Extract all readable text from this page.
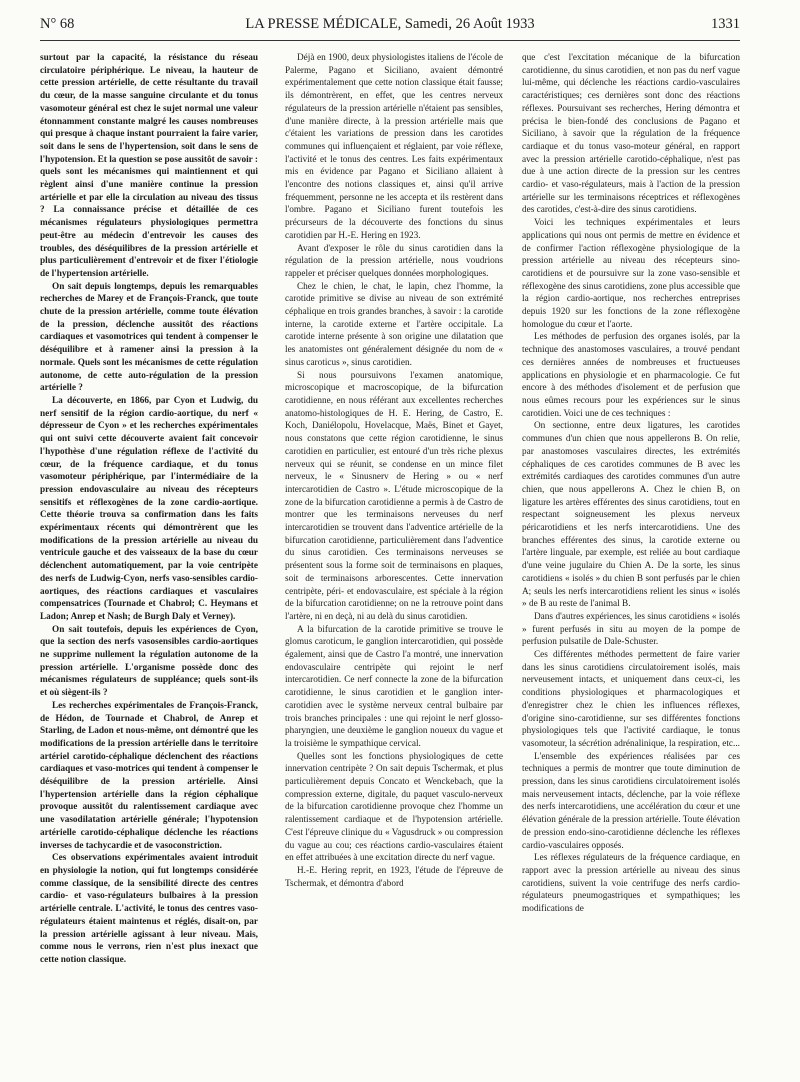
N° 68	LA PRESSE MÉDICALE, Samedi, 26 Août 1933	1331

surtout par la capacité, la résistance du réseau circulatoire périphérique. Le niveau, la hauteur de cette pression artérielle, de cette résultante du travail du cœur, de la masse sanguine circulante et du tonus vasomoteur général est chez le sujet normal une valeur étonnamment constante malgré les causes nombreuses qui presque à chaque instant pourraient la faire varier, soit dans le sens de l'hypertension, soit dans le sens de l'hypotension. Et la question se pose aussitôt de savoir : quels sont les mécanismes qui maintiennent et qui règlent ainsi d'une manière continue la pression artérielle et par elle la circulation au niveau des tissus ? La connaissance précise et détaillée de ces mécanismes régulateurs physiologiques permettra peut-être au médecin d'entrevoir les causes des troubles, des déséquilibres de la pression artérielle et plus particulièrement d'entrevoir et de fixer l'étiologie de l'hypertension artérielle.

On sait depuis longtemps, depuis les remarquables recherches de Marey et de François-Franck, que toute chute de la pression artérielle, comme toute élévation de la pression, déclenche aussitôt des réactions cardiaques et vasomotrices qui tendent à compenser le déséquilibre et à ramener ainsi la pression à la normale. Quels sont les mécanismes de cette régulation autonome, de cette auto-régulation de la pression artérielle ?

La découverte, en 1866, par Cyon et Ludwig, du nerf sensitif de la région cardio-aortique, du nerf « dépresseur de Cyon » et les recherches expérimentales qui ont suivi cette découverte avaient fait concevoir l'hypothèse d'une régulation réflexe de l'activité du cœur, de la fréquence cardiaque, et du tonus vasomoteur périphérique, par l'intermédiaire de la pression endovasculaire au niveau des récepteurs sensitifs et réflexogènes de la zone cardio-aortique. Cette théorie trouva sa confirmation dans les faits expérimentaux récents qui démontrèrent que les modifications de la pression artérielle au niveau du ventricule gauche et des vaisseaux de la base du cœur déclenchent automatiquement, par la voie centripète des nerfs de Ludwig-Cyon, nerfs vaso-sensibles cardio-aortiques, des réactions cardiaques et vasculaires compensatrices (Tournade et Chabrol; C. Heymans et Ladon; Anrep et Nash; de Burgh Daly et Verney).

On sait toutefois, depuis les expériences de Cyon, que la section des nerfs vasosensibles cardio-aortiques ne supprime nullement la régulation autonome de la pression artérielle. L'organisme possède donc des mécanismes régulateurs de suppléance; quels sont-ils et où siègent-ils ?

Les recherches expérimentales de François-Franck, de Hédon, de Tournade et Chabrol, de Anrep et Starling, de Ladon et nous-même, ont démontré que les modifications de la pression artérielle dans le territoire artériel carotido-céphalique déclenchent des réactions cardiaques et vaso-motrices qui tendent à compenser le déséquilibre de la pression artérielle. Ainsi l'hypertension artérielle dans la région céphalique provoque aussitôt du ralentissement cardiaque avec une vasodilatation artérielle générale; l'hypotension artérielle carotido-céphalique déclenche les réactions inverses de tachycardie et de vasoconstriction.

Ces observations expérimentales avaient introduit en physiologie la notion, qui fut longtemps considérée comme classique, de la sensibilité directe des centres cardio- et vaso-régulateurs bulbaires à la pression artérielle centrale. L'activité, le tonus des centres vaso-régulateurs étaient maintenus et réglés, disait-on, par la pression artérielle agissant à leur niveau. Mais, comme nous le verrons, rien n'est plus inexact que cette notion classique.

Déjà en 1900, deux physiologistes italiens de l'école de Palerme, Pagano et Siciliano, avaient démontré expérimentalement que cette notion classique était fausse; ils démontrèrent, en effet, que les centres nerveux régulateurs de la pression artérielle n'étaient pas sensibles, d'une manière directe, à la pression artérielle mais que c'étaient les variations de pression dans les carotides communes qui influençaient et réglaient, par voie réflexe, l'activité et le tonus des centres. Les faits expérimentaux mis en évidence par Pagano et Siciliano allaient à l'encontre des notions classiques et, ainsi qu'il arrive fréquemment, personne ne les accepta et ils restèrent dans l'ombre. Pagano et Siciliano furent toutefois les précurseurs de la découverte des fonctions du sinus carotidien par H.-E. Hering en 1923.

Avant d'exposer le rôle du sinus carotidien dans la régulation de la pression artérielle, nous voudrions rappeler et préciser quelques données morphologiques.

Chez le chien, le chat, le lapin, chez l'homme, la carotide primitive se divise au niveau de son extrémité céphalique en trois grandes branches, à savoir : la carotide interne, la carotide externe et l'artère occipitale. La carotide interne présente à son origine une dilatation que les anatomistes ont généralement désignée du nom de « sinus caroticus », sinus carotidien.

Si nous poursuivons l'examen anatomique, microscopique et macroscopique, de la bifurcation carotidienne, en nous référant aux excellentes recherches anatomo-histologiques de H. E. Hering, de Castro, E. Koch, Daniélopolu, Hovelacque, Maës, Binet et Gayet, nous constatons que cette région carotidienne, le sinus carotidien en particulier, est entouré d'un très riche plexus nerveux qui se réunit, se condense en un mince filet nerveux, le « Sinusnerv de Hering » ou « nerf intercarotidien de Castro ». L'étude microscopique de la zone de la bifurcation carotidienne a permis à de Castro de montrer que les terminaisons nerveuses du nerf intercarotidien se trouvent dans l'adventice artérielle de la bifurcation carotidienne, particulièrement dans l'adventice du sinus carotidien. Ces terminaisons nerveuses se présentent sous la forme soit de terminaisons en plaques, soit de terminaisons arborescentes. Cette innervation centripète, péri- et endovasculaire, est spéciale à la région de la bifurcation carotidienne; on ne la retrouve point dans l'artère, ni en deçà, ni au delà du sinus carotidien.

A la bifurcation de la carotide primitive se trouve le glomus caroticum, le ganglion intercarotidien, qui possède également, ainsi que de Castro l'a montré, une innervation endovasculaire centripète qui rejoint le nerf intercarotidien. Ce nerf connecte la zone de la bifurcation carotidienne, le sinus carotidien et le ganglion inter-carotidien avec le système nerveux central bulbaire par trois branches principales : une qui rejoint le nerf glosso-pharyngien, une deuxième le ganglion noueux du vague et la troisième le sympathique cervical.

Quelles sont les fonctions physiologiques de cette innervation centripète ? On sait depuis Tschermak, et plus particulièrement depuis Concato et Wenckebach, que la compression externe, digitale, du paquet vasculo-nerveux de la bifurcation carotidienne provoque chez l'homme un ralentissement cardiaque et de l'hypotension artérielle. C'est l'épreuve clinique du « Vagusdruck » ou compression du vague au cou; ces réactions cardio-vasculaires étaient en effet attribuées à une excitation directe du nerf vague.

H.-E. Hering reprit, en 1923, l'étude de l'épreuve de Tschermak, et démontra d'abord

que c'est l'excitation mécanique de la bifurcation carotidienne, du sinus carotidien, et non pas du nerf vague lui-même, qui déclenche les réactions cardio-vasculaires caractéristiques; ces dernières sont donc des réactions réflexes. Poursuivant ses recherches, Hering démontra et précisa le bien-fondé des conclusions de Pagano et Siciliano, à savoir que la régulation de la fréquence cardiaque et du tonus vaso-moteur général, en rapport avec la pression artérielle carotido-céphalique, n'est pas due à une action directe de la pression sur les centres cardio- et vaso-régulateurs, mais à l'action de la pression artérielle sur les terminaisons réceptrices et réflexogènes des carotides, c'est-à-dire des sinus carotidiens.

Voici les techniques expérimentales et leurs applications qui nous ont permis de mettre en évidence et de confirmer l'action réflexogène physiologique de la pression artérielle au niveau des récepteurs sino-carotidiens et de poursuivre sur la zone vaso-sensible et réflexogène des sinus carotidiens, zone plus accessible que la région cardio-aortique, nos recherches entreprises depuis 1920 sur les fonctions de la zone réflexogène homologue du cœur et l'aorte.

Les méthodes de perfusion des organes isolés, par la technique des anastomoses vasculaires, a trouvé pendant ces dernières années de nombreuses et fructueuses applications en physiologie et en pharmacologie. Ce fut encore à des méthodes d'isolement et de perfusion que nous eûmes recours pour les expériences sur le sinus carotidien. Voici une de ces techniques :

On sectionne, entre deux ligatures, les carotides communes d'un chien que nous appellerons B. On relie, par anastomoses vasculaires directes, les extrémités céphaliques de ces carotides communes de B avec les extrémités cardiaques des carotides communes d'un autre chien, que nous appellerons A. Chez le chien B, on ligature les artères efférentes des sinus carotidiens, tout en respectant soigneusement les plexus nerveux péricarotidiens et les nerfs intercarotidiens. Une des branches efférentes des sinus, la carotide externe ou l'artère linguale, par exemple, est reliée au bout cardiaque d'une veine jugulaire du Chien A. De la sorte, les sinus carotidiens « isolés » du chien B sont perfusés par le chien A; seuls les nerfs intercarotidiens relient les sinus « isolés » de B au reste de l'animal B.

Dans d'autres expériences, les sinus carotidiens « isolés » furent perfusés in situ au moyen de la pompe de perfusion pulsatile de Dale-Schuster.

Ces différentes méthodes permettent de faire varier dans les sinus carotidiens circulatoirement isolés, mais nerveusement intacts, et uniquement dans ceux-ci, les conditions physiologiques et pharmacologiques et d'enregistrer chez le chien les influences réflexes, d'origine sino-carotidienne, sur ses différentes fonctions physiologiques tels que l'activité cardiaque, le tonus vasomoteur, la sécrétion adrénalinique, la respiration, etc...

L'ensemble des expériences réalisées par ces techniques a permis de montrer que toute diminution de pression, dans les sinus carotidiens circulatoirement isolés mais nerveusement intacts, déclenche, par la voie réflexe des nerfs intercarotidiens, une accélération du cœur et une élévation générale de la pression artérielle. Toute élévation de pression endo-sino-carotidienne déclenche les réflexes cardio-vasculaires opposés.

Les réflexes régulateurs de la fréquence cardiaque, en rapport avec la pression artérielle au niveau des sinus carotidiens, suivent la voie centrifuge des nerfs cardio-régulateurs pneumogastriques et sympathiques; les modifications de
